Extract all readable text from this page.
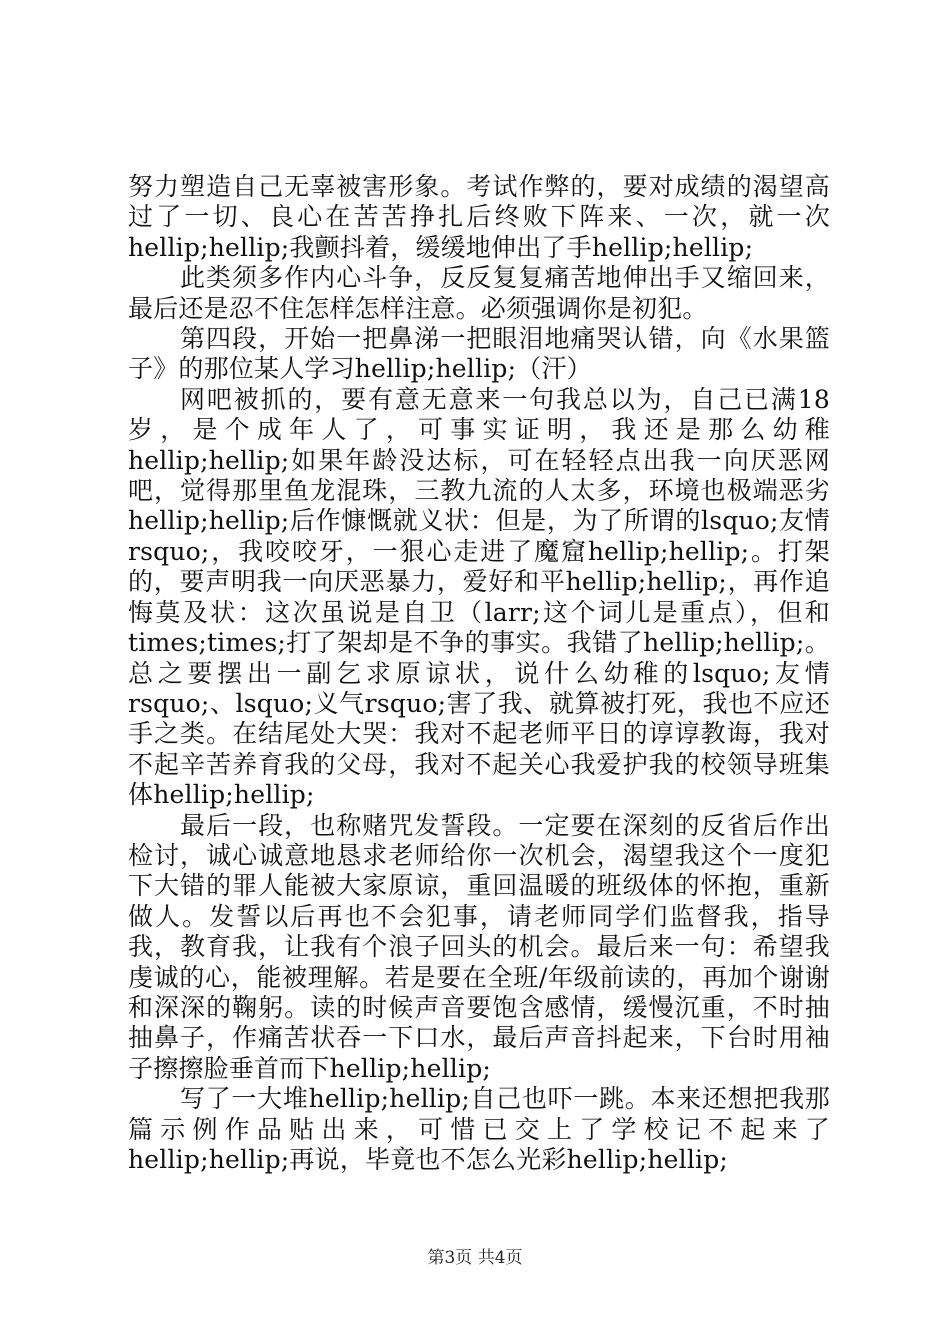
努力塑造自己无辜被害形象。考试作弊的，要对成绩的渴望高过了一切、良心在苦苦挣扎后终败下阵来、一次，就一次hellip;hellip;我颤抖着，缓缓地伸出了手hellip;hellip;

此类须多作内心斗争，反反复复痛苦地伸出手又缩回来，最后还是忍不住怎样怎样注意。必须强调你是初犯。

第四段，开始一把鼻涕一把眼泪地痛哭认错，向《水果篮子》的那位某人学习hellip;hellip;（汗）

网吧被抓的，要有意无意来一句我总以为，自己已满18岁，是个成年人了，可事实证明，我还是那么幼稚hellip;hellip;如果年龄没达标，可在轻轻点出我一向厌恶网吧，觉得那里鱼龙混珠，三教九流的人太多，环境也极端恶劣hellip;hellip;后作慷慨就义状：但是，为了所谓的lsquo;友情rsquo;，我咬咬牙，一狠心走进了魔窟hellip;hellip;。打架的，要声明我一向厌恶暴力，爱好和平hellip;hellip;，再作追悔莫及状：这次虽说是自卫（larr;这个词儿是重点），但和times;times;打了架却是不争的事实。我错了hellip;hellip;。总之要摆出一副乞求原谅状，说什么幼稚的lsquo;友情rsquo;、lsquo;义气rsquo;害了我、就算被打死，我也不应还手之类。在结尾处大哭：我对不起老师平日的谆谆教诲，我对不起辛苦养育我的父母，我对不起关心我爱护我的校领导班集体hellip;hellip;

最后一段，也称赌咒发誓段。一定要在深刻的反省后作出检讨，诚心诚意地恳求老师给你一次机会，渴望我这个一度犯下大错的罪人能被大家原谅，重回温暖的班级体的怀抱，重新做人。发誓以后再也不会犯事，请老师同学们监督我，指导我，教育我，让我有个浪子回头的机会。最后来一句：希望我虔诚的心，能被理解。若是要在全班/年级前读的，再加个谢谢和深深的鞠躬。读的时候声音要饱含感情，缓慢沉重，不时抽抽鼻子，作痛苦状吞一下口水，最后声音抖起来，下台时用袖子擦擦脸垂首而下hellip;hellip;

写了一大堆hellip;hellip;自己也吓一跳。本来还想把我那篇示例作品贴出来，可惜已交上了学校记不起来了hellip;hellip;再说，毕竟也不怎么光彩hellip;hellip;

第3页 共4页
